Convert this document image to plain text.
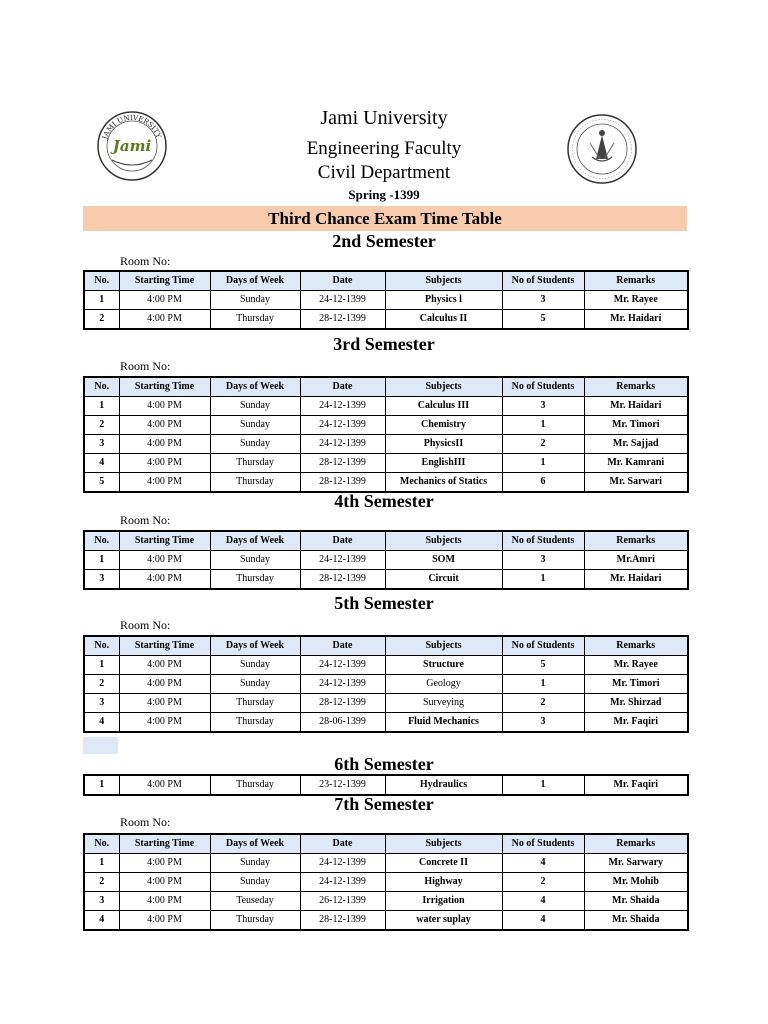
JAMI UNIVERSITY
Jami
Jami University
Engineering Faculty
Civil Department
Spring -1399
Third Chance Exam Time Table
2nd Semester
Room No:
No.	Starting Time	Days of Week	Date	Subjects	No of Students	Remarks
1	4:00 PM	Sunday	24-12-1399	Physics l	3	Mr. Rayee
2	4:00 PM	Thursday	28-12-1399	Calculus II	5	Mr. Haidari
3rd Semester
Room No:
No.	Starting Time	Days of Week	Date	Subjects	No of Students	Remarks
1	4:00 PM	Sunday	24-12-1399	Calculus III	3	Mr. Haidari
2	4:00 PM	Sunday	24-12-1399	Chemistry	1	Mr. Timori
3	4:00 PM	Sunday	24-12-1399	PhysicsII	2	Mr. Sajjad
4	4:00 PM	Thursday	28-12-1399	EnglishIII	1	Mr. Kamrani
5	4:00 PM	Thursday	28-12-1399	Mechanics of Statics	6	Mr. Sarwari
4th Semester
Room No:
No.	Starting Time	Days of Week	Date	Subjects	No of Students	Remarks
1	4:00 PM	Sunday	24-12-1399	SOM	3	Mr.Amri
3	4:00 PM	Thursday	28-12-1399	Circuit	1	Mr. Haidari
5th Semester
Room No:
No.	Starting Time	Days of Week	Date	Subjects	No of Students	Remarks
1	4:00 PM	Sunday	24-12-1399	Structure	5	Mr. Rayee
2	4:00 PM	Sunday	24-12-1399	Geology	1	Mr. Timori
3	4:00 PM	Thursday	28-12-1399	Surveying	2	Mr. Shirzad
4	4:00 PM	Thursday	28-06-1399	Fluid Mechanics	3	Mr. Faqiri
6th Semester
1	4:00 PM	Thursday	23-12-1399	Hydraulics	1	Mr. Faqiri
7th Semester
Room No:
No.	Starting Time	Days of Week	Date	Subjects	No of Students	Remarks
1	4:00 PM	Sunday	24-12-1399	Concrete II	4	Mr. Sarwary
2	4:00 PM	Sunday	24-12-1399	Highway	2	Mr. Mohib
3	4:00 PM	Teuseday	26-12-1399	Irrigation	4	Mr. Shaida
4	4:00 PM	Thursday	28-12-1399	water suplay	4	Mr. Shaida
